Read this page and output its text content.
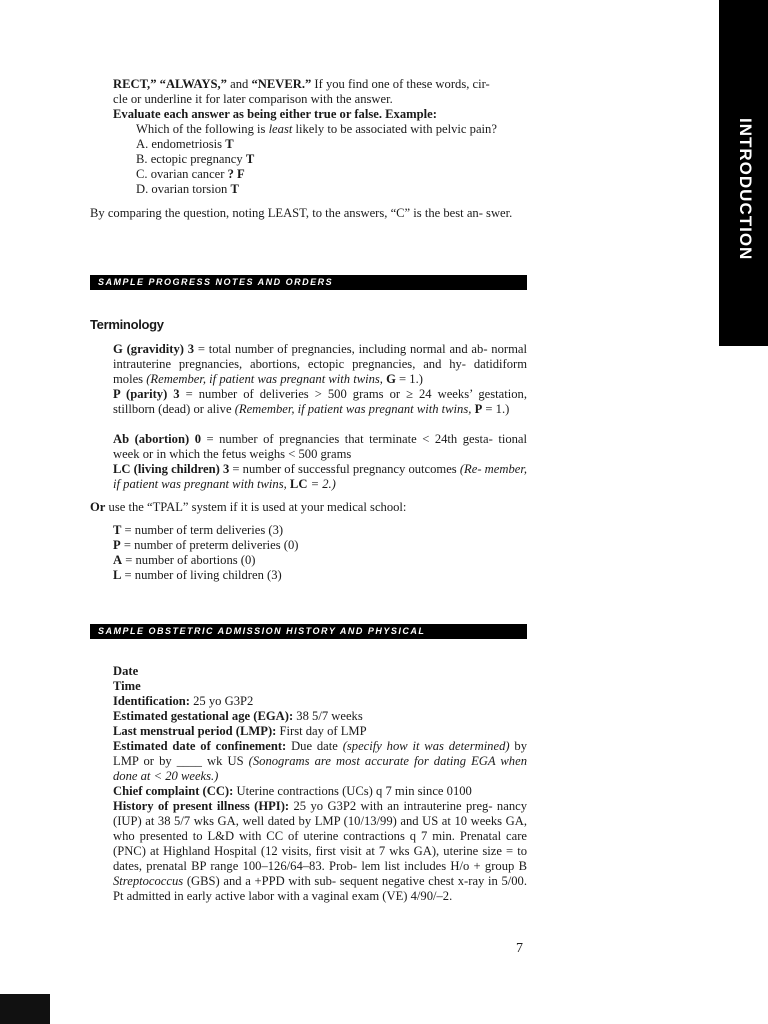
INTRODUCTION
RECT,” “ALWAYS,” and “NEVER.” If you find one of these words, cir-
cle or underline it for later comparison with the answer.
Evaluate each answer as being either true or false. Example:
Which of the following is least likely to be associated with pelvic pain?
A. endometriosis T
B. ectopic pregnancy T
C. ovarian cancer ? F
D. ovarian torsion T
By comparing the question, noting LEAST, to the answers, “C” is the best an- swer.
SAMPLE PROGRESS NOTES AND ORDERS
Terminology
G (gravidity) 3 = total number of pregnancies, including normal and ab- normal intrauterine pregnancies, abortions, ectopic pregnancies, and hy- datidiform moles (Remember, if patient was pregnant with twins, G = 1.)
P (parity) 3 = number of deliveries > 500 grams or ≥ 24 weeks’ gestation, stillborn (dead) or alive (Remember, if patient was pregnant with twins, P = 1.)
Ab (abortion) 0 = number of pregnancies that terminate < 24th gesta- tional week or in which the fetus weighs < 500 grams
LC (living children) 3 = number of successful pregnancy outcomes (Re- member, if patient was pregnant with twins, LC = 2.)
Or use the “TPAL” system if it is used at your medical school:
T = number of term deliveries (3)
P = number of preterm deliveries (0)
A = number of abortions (0)
L = number of living children (3)
SAMPLE OBSTETRIC ADMISSION HISTORY AND PHYSICAL
Date
Time
Identification: 25 yo G3P2
Estimated gestational age (EGA): 38 5/7 weeks
Last menstrual period (LMP): First day of LMP
Estimated date of confinement: Due date (specify how it was determined) by LMP or by ____ wk US (Sonograms are most accurate for dating EGA when done at < 20 weeks.)
Chief complaint (CC): Uterine contractions (UCs) q 7 min since 0100
History of present illness (HPI): 25 yo G3P2 with an intrauterine preg- nancy (IUP) at 38 5/7 wks GA, well dated by LMP (10/13/99) and US at 10 weeks GA, who presented to L&D with CC of uterine contractions q 7 min. Prenatal care (PNC) at Highland Hospital (12 visits, first visit at 7 wks GA), uterine size = to dates, prenatal BP range 100–126/64–83. Prob- lem list includes H/o + group B Streptococcus (GBS) and a +PPD with sub- sequent negative chest x-ray in 5/00. Pt admitted in early active labor with a vaginal exam (VE) 4/90/–2.
7
